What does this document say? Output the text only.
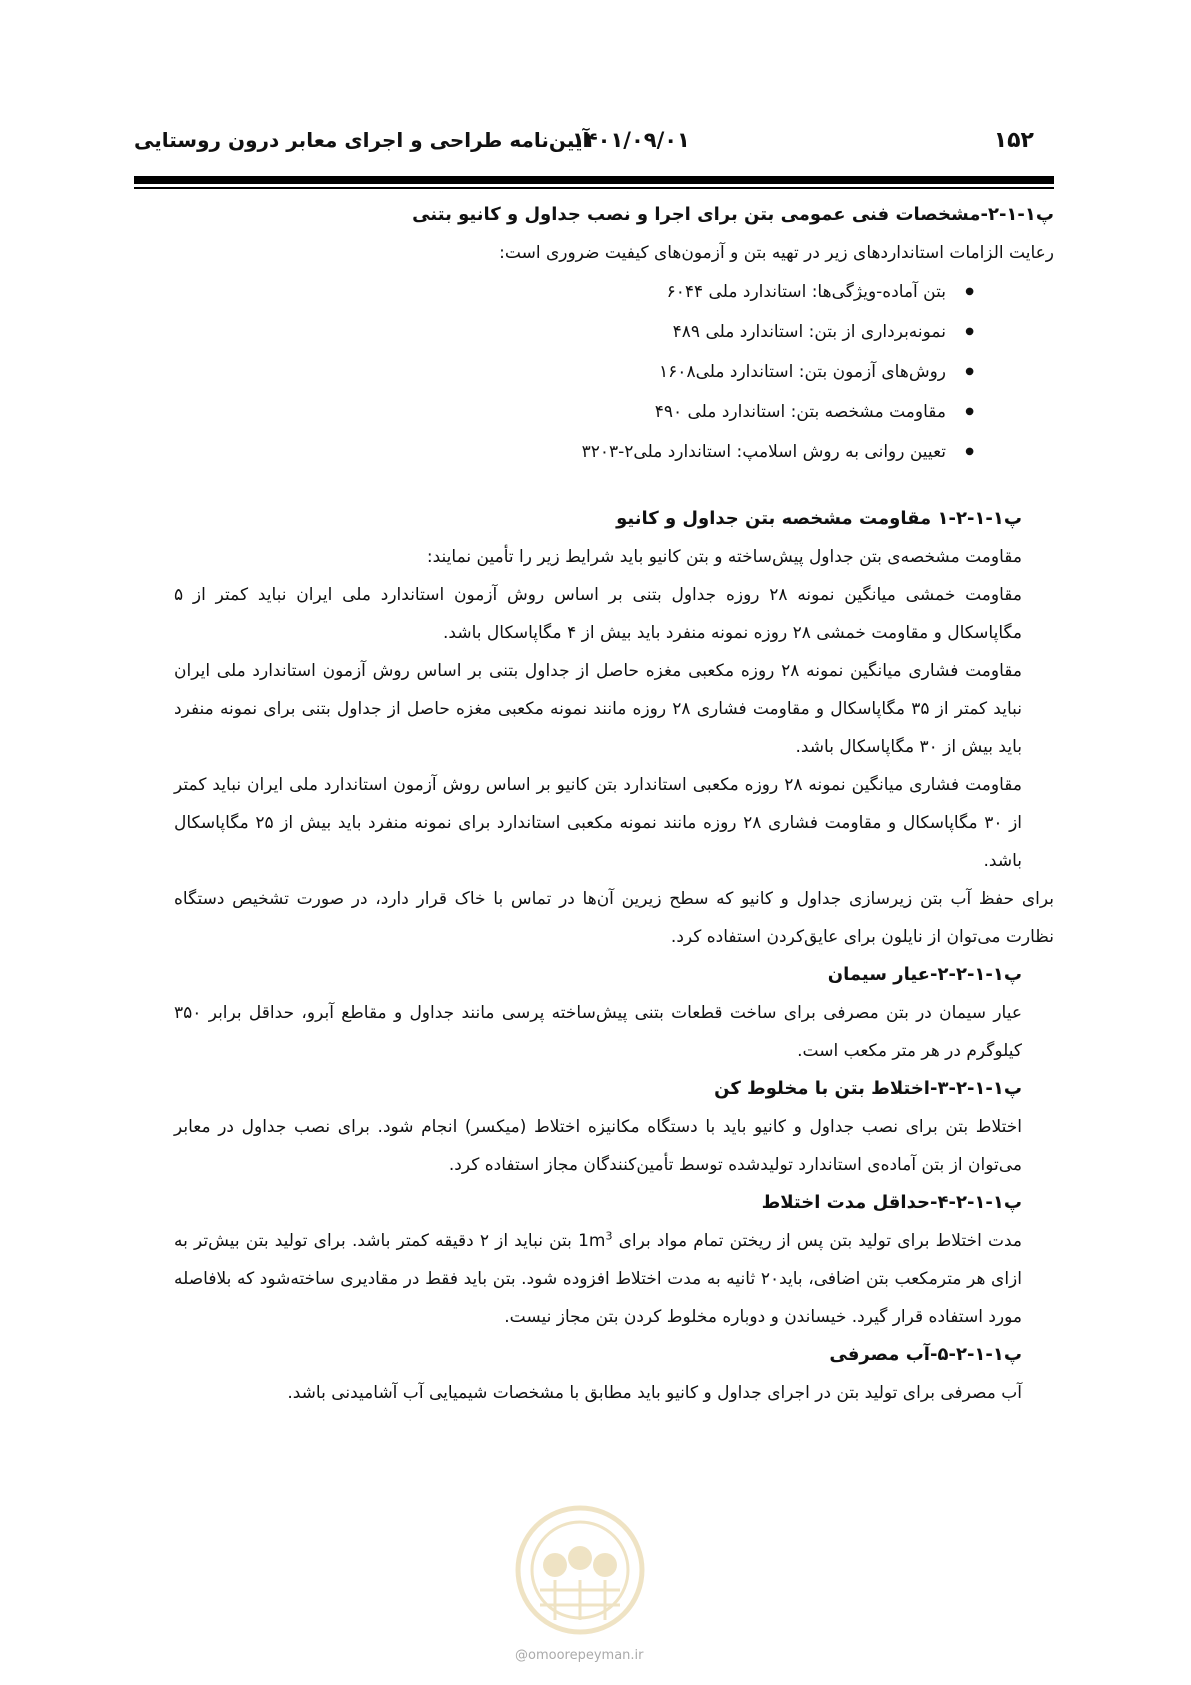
آیین‌نامه طراحی و اجرای معابر درون روستایی
۱۴۰۱/۰۹/۰۱	۱۵۲

پ۱-۱-۲-مشخصات فنی عمومی بتن برای اجرا و نصب جداول و کانیو بتنی

رعایت الزامات استانداردهای زیر در تهیه بتن و آزمون‌های کیفیت ضروری است:

● بتن آماده-ویژگی‌ها: استاندارد ملی ۶۰۴۴
● نمونه‌برداری از بتن: استاندارد ملی ۴۸۹
● روش‌های آزمون بتن: استاندارد ملی۱۶۰۸
● مقاومت مشخصه بتن: استاندارد ملی ۴۹۰
● تعیین روانی به روش اسلامپ: استاندارد ملی۲-۳۲۰۳

پ۱-۱-۲-۱ مقاومت مشخصه بتن جداول و کانیو

مقاومت مشخصه‌ی بتن جداول پیش‌ساخته و بتن کانیو باید شرایط زیر را تأمین نمایند:

مقاومت خمشی میانگین نمونه ۲۸ روزه جداول بتنی بر اساس روش آزمون استاندارد ملی ایران نباید کمتر از ۵ مگاپاسکال و مقاومت خمشی ۲۸ روزه نمونه منفرد باید بیش از ۴ مگاپاسکال باشد.

مقاومت فشاری میانگین نمونه ۲۸ روزه مکعبی مغزه حاصل از جداول بتنی بر اساس روش آزمون استاندارد ملی ایران نباید کمتر از ۳۵ مگاپاسکال و مقاومت فشاری ۲۸ روزه مانند نمونه مکعبی مغزه حاصل از جداول بتنی برای نمونه منفرد باید بیش از ۳۰ مگاپاسکال باشد.

مقاومت فشاری میانگین نمونه ۲۸ روزه مکعبی استاندارد بتن کانیو بر اساس روش آزمون استاندارد ملی ایران نباید کمتر از ۳۰ مگاپاسکال و مقاومت فشاری ۲۸ روزه مانند نمونه مکعبی استاندارد برای نمونه منفرد باید بیش از ۲۵ مگاپاسکال باشد.

برای حفظ آب بتن زیرسازی جداول و کانیو که سطح زیرین آن‌ها در تماس با خاک قرار دارد، در صورت تشخیص دستگاه نظارت می‌توان از نایلون برای عایق‌کردن استفاده کرد.

پ۱-۱-۲-۲-عیار سیمان

عیار سیمان در بتن مصرفی برای ساخت قطعات بتنی پیش‌ساخته پرسی مانند جداول و مقاطع آبرو، حداقل برابر ۳۵۰ کیلوگرم در هر متر مکعب است.

پ۱-۱-۲-۳-اختلاط بتن با مخلوط کن

اختلاط بتن برای نصب جداول و کانیو باید با دستگاه مکانیزه اختلاط (میکسر) انجام شود. برای نصب جداول در معابر می‌توان از بتن آماده‌ی استاندارد تولیدشده توسط تأمین‌کنندگان مجاز استفاده کرد.

پ۱-۱-۲-۴-حداقل مدت اختلاط

مدت اختلاط برای تولید بتن پس از ریختن تمام مواد برای $1m^3$ بتن نباید از ۲ دقیقه کمتر باشد. برای تولید بتن بیش‌تر به ازای هر مترمکعب بتن اضافی، باید۲۰ ثانیه به مدت اختلاط افزوده شود. بتن باید فقط در مقادیری ساخته‌شود که بلافاصله مورد استفاده قرار گیرد. خیساندن و دوباره مخلوط کردن بتن مجاز نیست.

پ۱-۱-۲-۵-آب مصرفی

آب مصرفی برای تولید بتن در اجرای جداول و کانیو باید مطابق با مشخصات شیمیایی آب آشامیدنی باشد.

@omoorepeyman.ir
